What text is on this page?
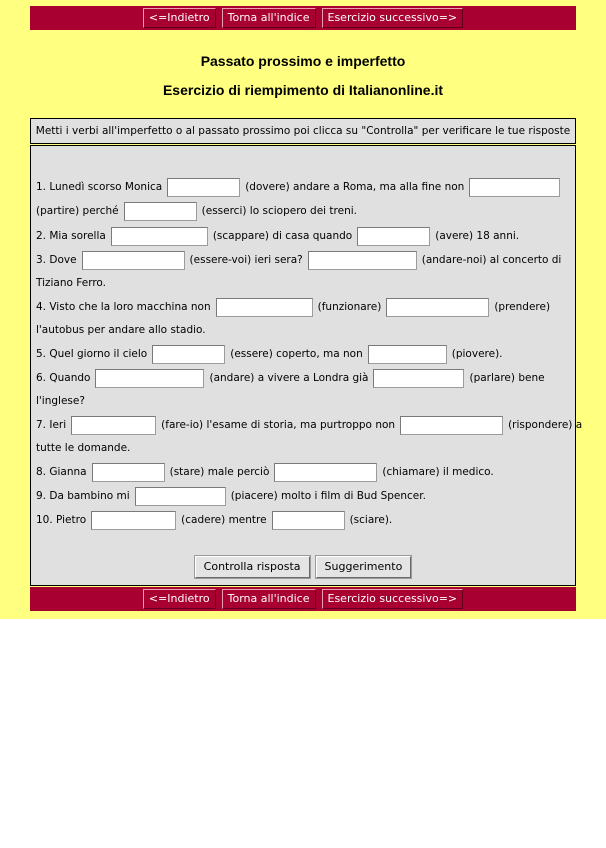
<=Indietro	Torna all'indice	Esercizio successivo=>
Passato prossimo e imperfetto
Esercizio di riempimento di Italianonline.it
Metti i verbi all'imperfetto o al passato prossimo poi clicca su "Controlla" per verificare le tue risposte
1. Lunedì scorso Monica	(dovere) andare a Roma, ma alla fine non
(partire) perché	(esserci) lo sciopero dei treni.
2. Mia sorella	(scappare) di casa quando	(avere) 18 anni.
3. Dove	(essere-voi) ieri sera?	(andare-noi) al concerto di
Tiziano Ferro.
4. Visto che la loro macchina non	(funzionare)	(prendere)
l'autobus per andare allo stadio.
5. Quel giorno il cielo	(essere) coperto, ma non	(piovere).
6. Quando	(andare) a vivere a Londra già	(parlare) bene
l'inglese?
7. Ieri	(fare-io) l'esame di storia, ma purtroppo non	(rispondere) a
tutte le domande.
8. Gianna	(stare) male perciò	(chiamare) il medico.
9. Da bambino mi	(piacere) molto i film di Bud Spencer.
10. Pietro	(cadere) mentre	(sciare).
Controlla risposta	Suggerimento
<=Indietro	Torna all'indice	Esercizio successivo=>
